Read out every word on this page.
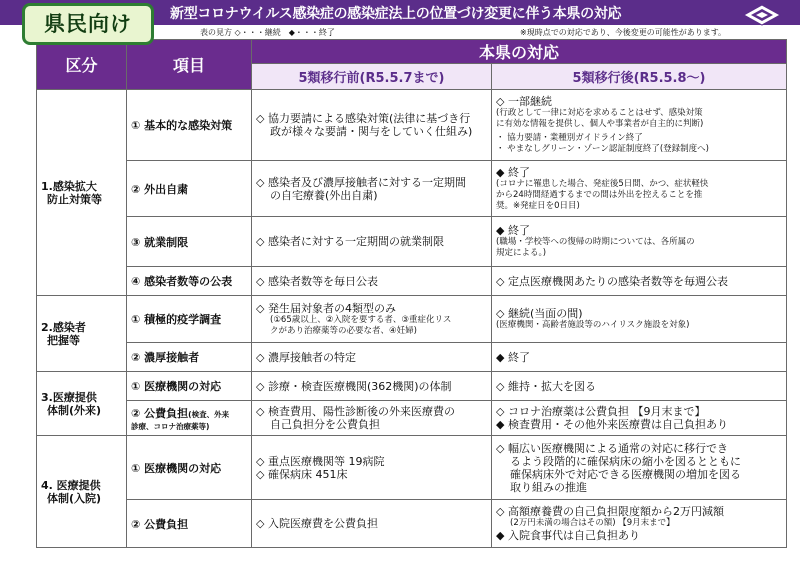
県民向け	新型コロナウイルス感染症の感染症法上の位置づけ変更に伴う本県の対応
表の見方 ◇・・・継続　◆・・・終了	※現時点での対応であり、今後変更の可能性があります。
区分	項目	本県の対応	
		5類移行前(R5.5.7まで)	5類移行後(R5.5.8～)

1.感染拡大
防止対策等	① 基本的な感染対策	◇ 協力要請による感染対策(法律に基づき行
政が様々な要請・関与をしていく仕組み)	◇ 一部継続
(行政として一律に対応を求めることはせず、感染対策
に有効な情報を提供し、個人や事業者が自主的に判断)
・ 協力要請・業種別ガイドライン終了
・ やまなしグリーン・ゾーン認証制度終了(登録制度へ)

	② 外出自粛	◇ 感染者及び濃厚接触者に対する一定期間
の自宅療養(外出自粛)	◆ 終了
(コロナに罹患した場合、発症後5日間、かつ、症状軽快
から24時間経過するまでの間は外出を控えることを推
奨。※発症日を0日目)

	③ 就業制限	◇ 感染者に対する一定期間の就業制限	◆ 終了
(職場・学校等への復帰の時期については、各所属の
規定による。)

	④ 感染者数等の公表	◇ 感染者数等を毎日公表	◇ 定点医療機関あたりの感染者数等を毎週公表

2.感染者
把握等	① 積極的疫学調査	◇ 発生届対象者の4類型のみ
(①65歳以上、②入院を要する者、③重症化リス
クがあり治療薬等の必要な者、④妊婦)	◇ 継続(当面の間)
(医療機関・高齢者施設等のハイリスク施設を対象)

	② 濃厚接触者	◇ 濃厚接触者の特定	◆ 終了

3.医療提供
体制(外来)	① 医療機関の対応	◇ 診療・検査医療機関(362機関)の体制	◇ 維持・拡大を図る
	② 公費負担(検査、外来
診療、コロナ治療薬等)	◇ 検査費用、陽性診断後の外来医療費の
自己負担分を公費負担	◇ コロナ治療薬は公費負担 【9月末まで】
◆ 検査費用・その他外来医療費は自己負担あり

4. 医療提供
体制(入院)	① 医療機関の対応	◇ 重点医療機関等 19病院
◇ 確保病床 451床	◇ 幅広い医療機関による通常の対応に移行でき
るよう段階的に確保病床の縮小を図るとともに
確保病床外で対応できる医療機関の増加を図る
取り組みの推進

	② 公費負担	◇ 入院医療費を公費負担	◇ 高額療養費の自己負担限度額から2万円減額
(2万円未満の場合はその額) 【9月末まで】
◆ 入院食事代は自己負担あり
